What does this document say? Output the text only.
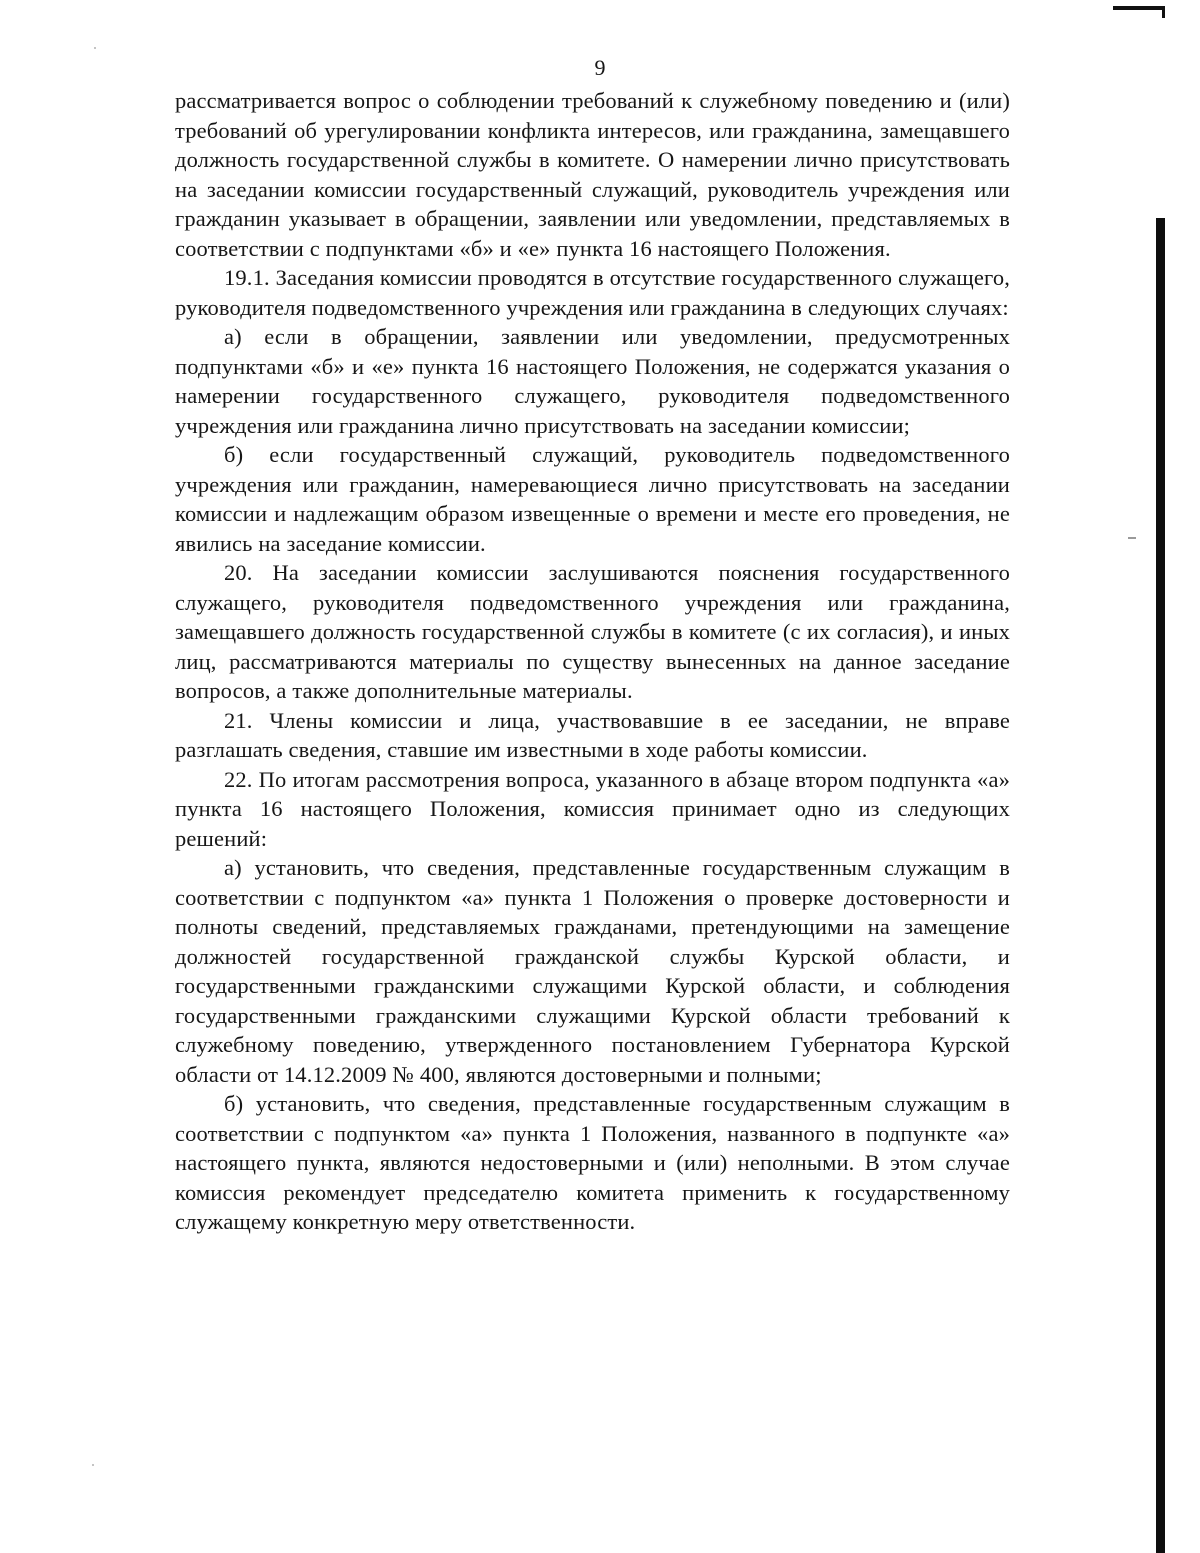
9

рассматривается вопрос о соблюдении требований к служебному поведению и (или) требований об урегулировании конфликта интересов, или гражданина, замещавшего должность государственной службы в комитете. О намерении лично присутствовать на заседании комиссии государственный служащий, руководитель учреждения или гражданин указывает в обращении, заявлении или уведомлении, представляемых в соответствии с подпунктами «б» и «е» пункта 16 настоящего Положения.

19.1. Заседания комиссии проводятся в отсутствие государственного служащего, руководителя подведомственного учреждения или гражданина в следующих случаях:

а) если в обращении, заявлении или уведомлении, предусмотренных подпунктами «б» и «е» пункта 16 настоящего Положения, не содержатся указания о намерении государственного служащего, руководителя подведомственного учреждения или гражданина лично присутствовать на заседании комиссии;

б) если государственный служащий, руководитель подведомственного учреждения или гражданин, намеревающиеся лично присутствовать на заседании комиссии и надлежащим образом извещенные о времени и месте его проведения, не явились на заседание комиссии.

20. На заседании комиссии заслушиваются пояснения государственного служащего, руководителя подведомственного учреждения или гражданина, замещавшего должность государственной службы в комитете (с их согласия), и иных лиц, рассматриваются материалы по существу вынесенных на данное заседание вопросов, а также дополнительные материалы.

21. Члены комиссии и лица, участвовавшие в ее заседании, не вправе разглашать сведения, ставшие им известными в ходе работы комиссии.

22. По итогам рассмотрения вопроса, указанного в абзаце втором подпункта «а» пункта 16 настоящего Положения, комиссия принимает одно из следующих решений:

а) установить, что сведения, представленные государственным служащим в соответствии с подпунктом «а» пункта 1 Положения о проверке достоверности и полноты сведений, представляемых гражданами, претендующими на замещение должностей государственной гражданской службы Курской области, и государственными гражданскими служащими Курской области, и соблюдения государственными гражданскими служащими Курской области требований к служебному поведению, утвержденного постановлением Губернатора Курской области от 14.12.2009 № 400, являются достоверными и полными;

б) установить, что сведения, представленные государственным служащим в соответствии с подпунктом «а» пункта 1 Положения, названного в подпункте «а» настоящего пункта, являются недостоверными и (или) неполными. В этом случае комиссия рекомендует председателю комитета применить к государственному служащему конкретную меру ответственности.
